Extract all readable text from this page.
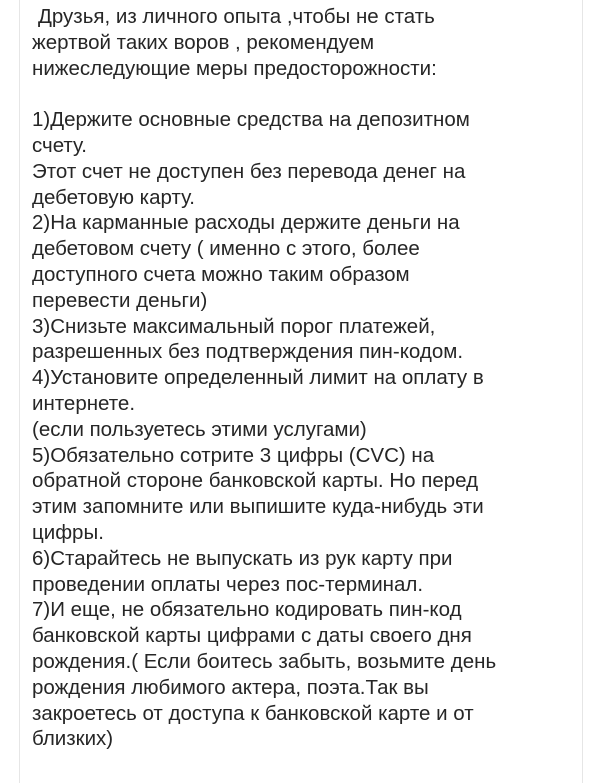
Друзья, из личного опыта ,чтобы не стать
жертвой таких воров , рекомендуем
нижеследующие меры предосторожности:
1)Держите основные средства на депозитном
счету.
Этот счет не доступен без перевода денег на
дебетовую карту.
2)На карманные расходы держите деньги на
дебетовом счету ( именно с этого, более
доступного счета можно таким образом
перевести деньги)
3)Снизьте максимальный порог платежей,
разрешенных без подтверждения пин-кодом.
4)Установите определенный лимит на оплату в
интернете.
(если пользуетесь этими услугами)
5)Обязательно сотрите 3 цифры (CVC) на
обратной стороне банковской карты. Но перед
этим запомните или выпишите куда-нибудь эти
цифры.
6)Старайтесь не выпускать из рук карту при
проведении оплаты через пос-терминал.
7)И еще, не обязательно кодировать пин-код
банковской карты цифрами с даты своего дня
рождения.( Если боитесь забыть, возьмите день
рождения любимого актера, поэта.Так вы
закроетесь от доступа к банковской карте и от
близких)
